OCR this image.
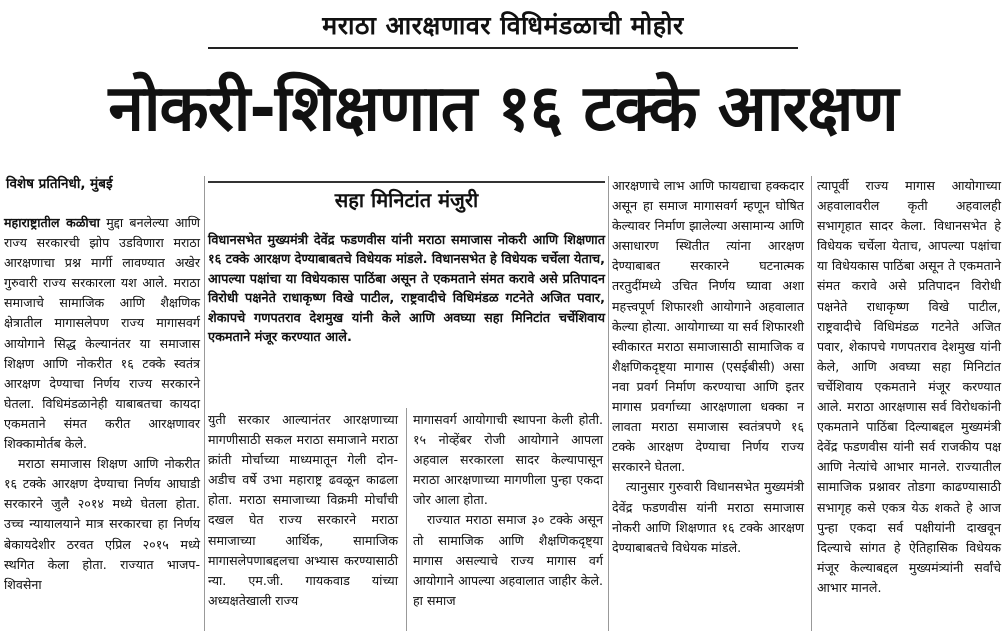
मराठा आरक्षणावर विधिमंडळाची मोहोर
नोकरी-शिक्षणात १६ टक्के आरक्षण
विशेष प्रतिनिधी, मुंबई

महाराष्ट्रातील कळीचा मुद्दा बनलेल्या आणि राज्य सरकारची झोप उडविणारा मराठा आरक्षणाचा प्रश्न मार्गी लावण्यात अखेर गुरुवारी राज्य सरकारला यश आले. मराठा समाजाचे सामाजिक आणि शैक्षणिक क्षेत्रातील मागासलेपण राज्य मागासवर्ग आयोगाने सिद्ध केल्यानंतर या समाजास शिक्षण आणि नोकरीत १६ टक्के स्वतंत्र आरक्षण देण्याचा निर्णय राज्य सरकारने घेतला. विधिमंडळानेही याबाबतचा कायदा एकमताने संमत करीत आरक्षणावर शिक्कामोर्तब केले.

मराठा समाजास शिक्षण आणि नोकरीत १६ टक्के आरक्षण देण्याचा निर्णय आघाडी सरकारने जुलै २०१४ मध्ये घेतला होता. उच्च न्यायालयाने मात्र सरकारचा हा निर्णय बेकायदेशीर ठरवत एप्रिल २०१५ मध्ये स्थगित केला होता. राज्यात भाजप- शिवसेना

सहा मिनिटांत मंजुरी

विधानसभेत मुख्यमंत्री देवेंद्र फडणवीस यांनी मराठा समाजास नोकरी आणि शिक्षणात १६ टक्के आरक्षण देण्याबाबतचे विधेयक मांडले. विधानसभेत हे विधेयक चर्चेला येताच, आपल्या पक्षांचा या विधेयकास पाठिंबा असून ते एकमताने संमत करावे असे प्रतिपादन विरोधी पक्षनेते राधाकृष्ण विखे पाटील, राष्ट्रवादीचे विधिमंडळ गटनेते अजित पवार, शेकापचे गणपतराव देशमुख यांनी केले आणि अवघ्या सहा मिनिटांत चर्चेशिवाय एकमताने मंजूर करण्यात आले.

युती सरकार आल्यानंतर आरक्षणाच्या मागणीसाठी सकल मराठा समाजाने मराठा क्रांती मोर्चाच्या माध्यमातून गेली दोन-अडीच वर्षे उभा महाराष्ट्र ढवळून काढला होता. मराठा समाजाच्या विक्रमी मोर्चांची दखल घेत राज्य सरकारने मराठा समाजाच्या आर्थिक, सामाजिक मागासलेपणाबद्दलचा अभ्यास करण्यासाठी न्या. एम.जी. गायकवाड यांच्या अध्यक्षतेखाली राज्य

मागासवर्ग आयोगाची स्थापना केली होती. १५ नोव्हेंबर रोजी आयोगाने आपला अहवाल सरकारला सादर केल्यापासून मराठा आरक्षणाच्या मागणीला पुन्हा एकदा जोर आला होता.

राज्यात मराठा समाज ३० टक्के असून तो सामाजिक आणि शैक्षणिकदृष्ट्या मागास असल्याचे राज्य मागास वर्ग आयोगाने आपल्या अहवालात जाहीर केले. हा समाज

आरक्षणाचे लाभ आणि फायद्याचा हक्कदार असून हा समाज मागासवर्ग म्हणून घोषित केल्यावर निर्माण झालेल्या असामान्य आणि असाधारण स्थितीत त्यांना आरक्षण देण्याबाबत सरकारने घटनात्मक तरतुदींमध्ये उचित निर्णय घ्यावा अशा महत्त्वपूर्ण शिफारशी आयोगाने अहवालात केल्या होत्या. आयोगाच्या या सर्व शिफारशी स्वीकारत मराठा समाजासाठी सामाजिक व शैक्षणिकदृष्ट्या मागास (एसईबीसी) असा नवा प्रवर्ग निर्माण करण्याचा आणि इतर मागास प्रवर्गाच्या आरक्षणाला धक्का न लावता मराठा समाजास स्वतंत्रपणे १६ टक्के आरक्षण देण्याचा निर्णय राज्य सरकारने घेतला.

त्यानुसार गुरुवारी विधानसभेत मुख्यमंत्री देवेंद्र फडणवीस यांनी मराठा समाजास नोकरी आणि शिक्षणात १६ टक्के आरक्षण देण्याबाबतचे विधेयक मांडले.

त्यापूर्वी राज्य मागास आयोगाच्या अहवालावरील कृती अहवालही सभागृहात सादर केला. विधानसभेत हे विधेयक चर्चेला येताच, आपल्या पक्षांचा या विधेयकास पाठिंबा असून ते एकमताने संमत करावे असे प्रतिपादन विरोधी पक्षनेते राधाकृष्ण विखे पाटील, राष्ट्रवादीचे विधिमंडळ गटनेते अजित पवार, शेकापचे गणपतराव देशमुख यांनी केले, आणि अवघ्या सहा मिनिटांत चर्चेशिवाय एकमताने मंजूर करण्यात आले. मराठा आरक्षणास सर्व विरोधकांनी एकमताने पाठिंबा दिल्याबद्दल मुख्यमंत्री देवेंद्र फडणवीस यांनी सर्व राजकीय पक्ष आणि नेत्यांचे आभार मानले. राज्यातील सामाजिक प्रश्नावर तोडगा काढण्यासाठी सभागृह कसे एकत्र येऊ शकते हे आज पुन्हा एकदा सर्व पक्षीयांनी दाखवून दिल्याचे सांगत हे ऐतिहासिक विधेयक मंजूर केल्याबद्दल मुख्यमंत्र्यांनी सर्वांचे आभार मानले.
